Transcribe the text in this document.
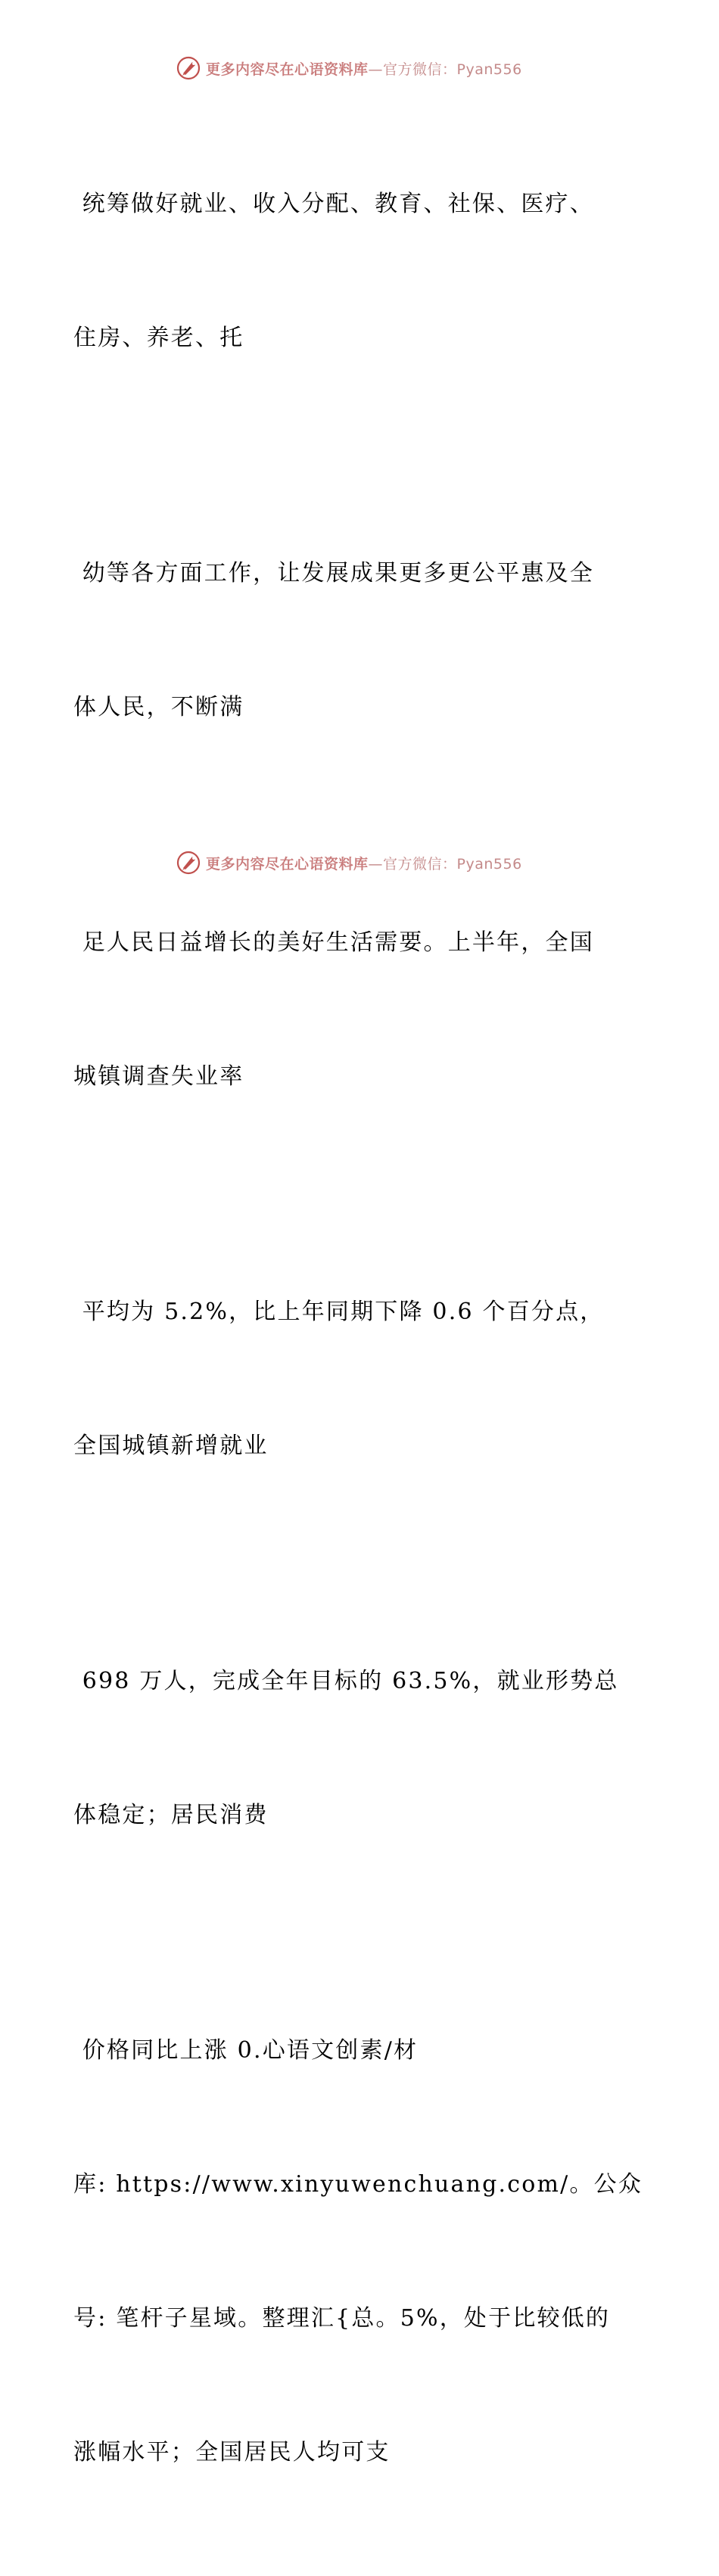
更多内容尽在心语资料库 —官方微信：Pyan556

统筹做好就业、收入分配、教育、社保、医疗、

住房、养老、托

幼等各方面工作，让发展成果更多更公平惠及全

体人民，不断满

足人民日益增长的美好生活需要。上半年，全国

城镇调查失业率

平均为 5.2%，比上年同期下降 0.6 个百分点，

全国城镇新增就业

698 万人，完成全年目标的 63.5%，就业形势总

体稳定；居民消费

价格同比上涨 0.心语文创素/材

库: https://www.xinyuwenchuang.com/。公众

号: 笔杆子星域。整理汇{总。5%，处于比较低的

涨幅水平；全国居民人均可支

更多内容尽在心语资料库 —官方微信：Pyan556
